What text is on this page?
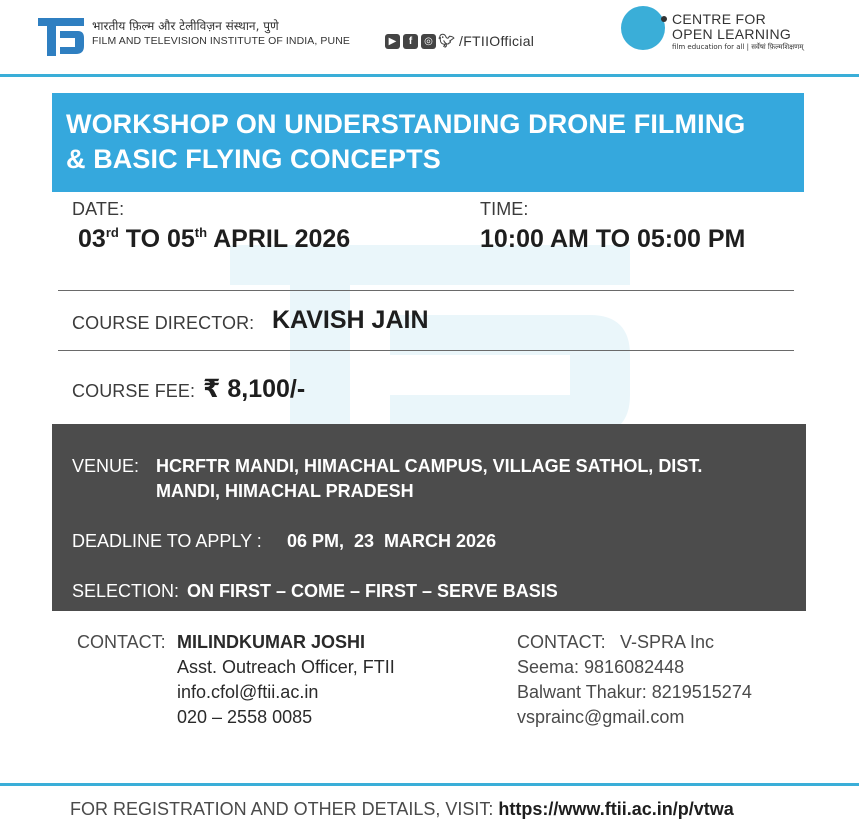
भारतीय फ़िल्म और टेलीविज़न संस्थान, पुणे
FILM AND TELEVISION INSTITUTE OF INDIA, PUNE	▶	f	◎ 🐦︎ /FTIIOfficial
CENTRE FOR
OPEN LEARNING
film education for all | सर्वेषां फ़िल्मशिक्षणम्
WORKSHOP ON UNDERSTANDING DRONE FILMING
& BASIC FLYING CONCEPTS
DATE:
03rd TO 05th APRIL 2026
TIME:
10:00 AM TO 05:00 PM
COURSE DIRECTOR: KAVISH JAIN
COURSE FEE: ₹ 8,100/-
VENUE: HCRFTR MANDI, HIMACHAL CAMPUS, VILLAGE SATHOL, DIST.
MANDI, HIMACHAL PRADESH
DEADLINE TO APPLY : 06 PM,  23  MARCH 2026
SELECTION: ON FIRST – COME – FIRST – SERVE BASIS
CONTACT: MILINDKUMAR JOSHI
Asst. Outreach Officer, FTII
info.cfol@ftii.ac.in
020 – 2558 0085
CONTACT: V-SPRA Inc
Seema: 9816082448
Balwant Thakur: 8219515274
vsprainc@gmail.com
FOR REGISTRATION AND OTHER DETAILS, VISIT: https://www.ftii.ac.in/p/vtwa
